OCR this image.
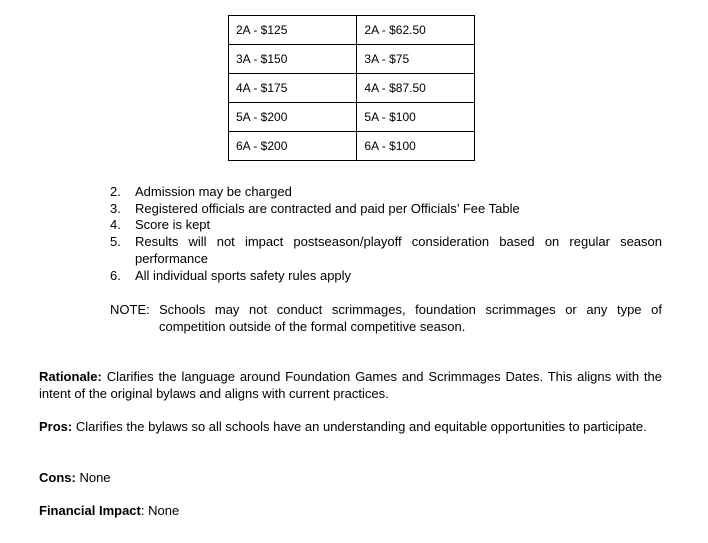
2A - $125	2A - $62.50
3A - $150	3A - $75
4A - $175	4A - $87.50
5A - $200	5A - $100
6A - $200	6A - $100
2.	Admission may be charged
3.	Registered officials are contracted and paid per Officials’ Fee Table
4.	Score is kept
5.	Results will not impact postseason/playoff consideration based on regular season performance
6.	All individual sports safety rules apply
NOTE: Schools may not conduct scrimmages, foundation scrimmages or any type of competition outside of the formal competitive season.
Rationale: Clarifies the language around Foundation Games and Scrimmages Dates. This aligns with the intent of the original bylaws and aligns with current practices.
Pros: Clarifies the bylaws so all schools have an understanding and equitable opportunities to participate.
Cons: None
Financial Impact: None
